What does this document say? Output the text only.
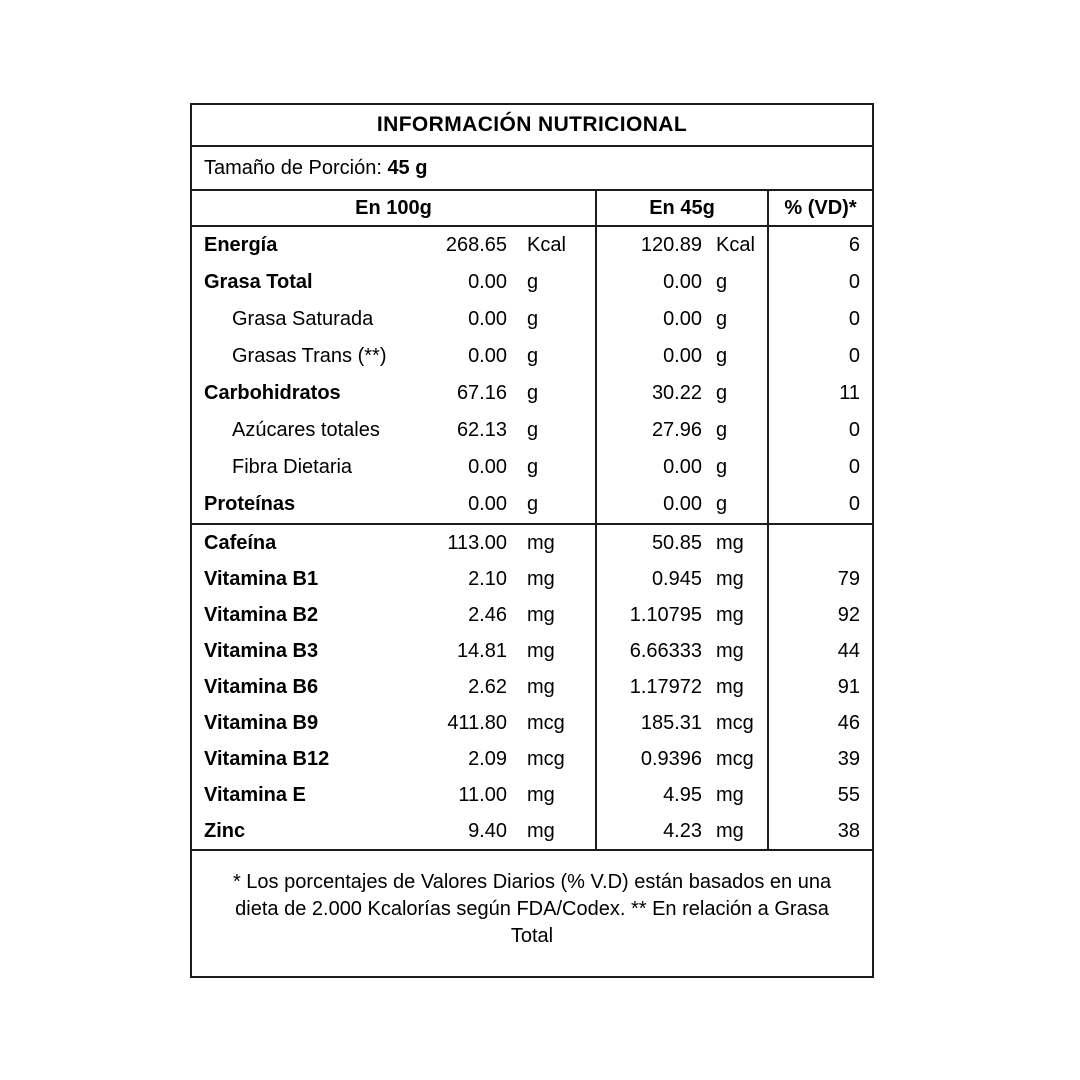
INFORMACIÓN NUTRICIONAL
Tamaño de Porción: 45 g
En 100g	En 45g	% (VD)*
Energía	268.65	Kcal	120.89 Kcal	6
Grasa Total	0.00	g	0.00 g	0
Grasa Saturada	0.00	g	0.00 g	0
Grasas Trans (**)	0.00	g	0.00 g	0
Carbohidratos	67.16	g	30.22 g	11
Azúcares totales	62.13	g	27.96 g	0
Fibra Dietaria	0.00	g	0.00 g	0
Proteínas	0.00	g	0.00 g	0
Cafeína	113.00	mg	50.85 mg
Vitamina B1	2.10	mg	0.945 mg	79
Vitamina B2	2.46	mg	1.10795 mg	92
Vitamina B3	14.81	mg	6.66333 mg	44
Vitamina B6	2.62	mg	1.17972 mg	91
Vitamina B9	411.80	mcg	185.31 mcg	46
Vitamina B12	2.09	mcg	0.9396 mcg	39
Vitamina E	11.00	mg	4.95 mg	55
Zinc	9.40	mg	4.23 mg	38
* Los porcentajes de Valores Diarios (% V.D) están basados en una dieta de 2.000 Kcalorías según FDA/Codex. ** En relación a Grasa Total
